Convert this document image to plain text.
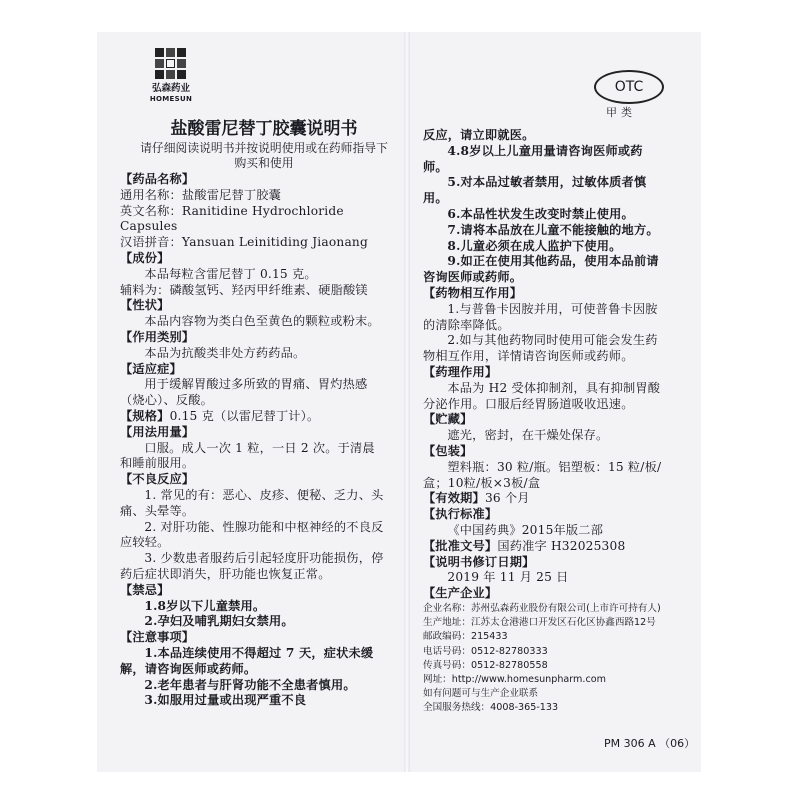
弘森药业
HOMESUN
盐酸雷尼替丁胶囊说明书
请仔细阅读说明书并按说明使用或在药师指导下购买和使用
OTC
甲类

【药品名称】

通用名称：盐酸雷尼替丁胶囊

英文名称：Ranitidine Hydrochloride Capsules

汉语拼音：Yansuan Leinitiding Jiaonang

【成份】

本品每粒含雷尼替丁 0.15 克。

辅料为：磷酸氢钙、羟丙甲纤维素、硬脂酸镁

【性状】

本品内容物为类白色至黄色的颗粒或粉末。

【作用类别】

本品为抗酸类非处方药药品。

【适应症】

用于缓解胃酸过多所致的胃痛、胃灼热感（烧心）、反酸。

【规格】0.15 克（以雷尼替丁计）。

【用法用量】

口服。成人一次 1 粒，一日 2 次。于清晨和睡前服用。

【不良反应】

1. 常见的有：恶心、皮疹、便秘、乏力、头痛、头晕等。

2. 对肝功能、性腺功能和中枢神经的不良反应较轻。

3. 少数患者服药后引起轻度肝功能损伤，停药后症状即消失，肝功能也恢复正常。

【禁忌】

1.8岁以下儿童禁用。

2.孕妇及哺乳期妇女禁用。

【注意事项】

1.本品连续使用不得超过 7 天，症状未缓解，请咨询医师或药师。

2.老年患者与肝肾功能不全患者慎用。

3.如服用过量或出现严重不良

反应，请立即就医。

4.8岁以上儿童用量请咨询医师或药师。

5.对本品过敏者禁用，过敏体质者慎用。

6.本品性状发生改变时禁止使用。

7.请将本品放在儿童不能接触的地方。

8.儿童必须在成人监护下使用。

9.如正在使用其他药品，使用本品前请咨询医师或药师。

【药物相互作用】

1.与普鲁卡因胺并用，可使普鲁卡因胺的清除率降低。

2.如与其他药物同时使用可能会发生药物相互作用，详情请咨询医师或药师。

【药理作用】

本品为 H2 受体抑制剂，具有抑制胃酸分泌作用。口服后经胃肠道吸收迅速。

【贮藏】

遮光，密封，在干燥处保存。

【包装】

塑料瓶：30 粒/瓶。铝塑板：15 粒/板/盒；10粒/板×3板/盒

【有效期】36 个月

【执行标准】

《中国药典》2015年版二部

【批准文号】国药准字 H32025308

【说明书修订日期】

2019 年 11 月 25 日

【生产企业】

企业名称：苏州弘森药业股份有限公司(上市许可持有人)

生产地址：江苏太仓港港口开发区石化区协鑫西路12号

邮政编码：215433

电话号码：0512-82780333

传真号码：0512-82780558

网址：http://www.homesunpharm.com

如有问题可与生产企业联系

全国服务热线：4008-365-133

PM 306 A （06）
